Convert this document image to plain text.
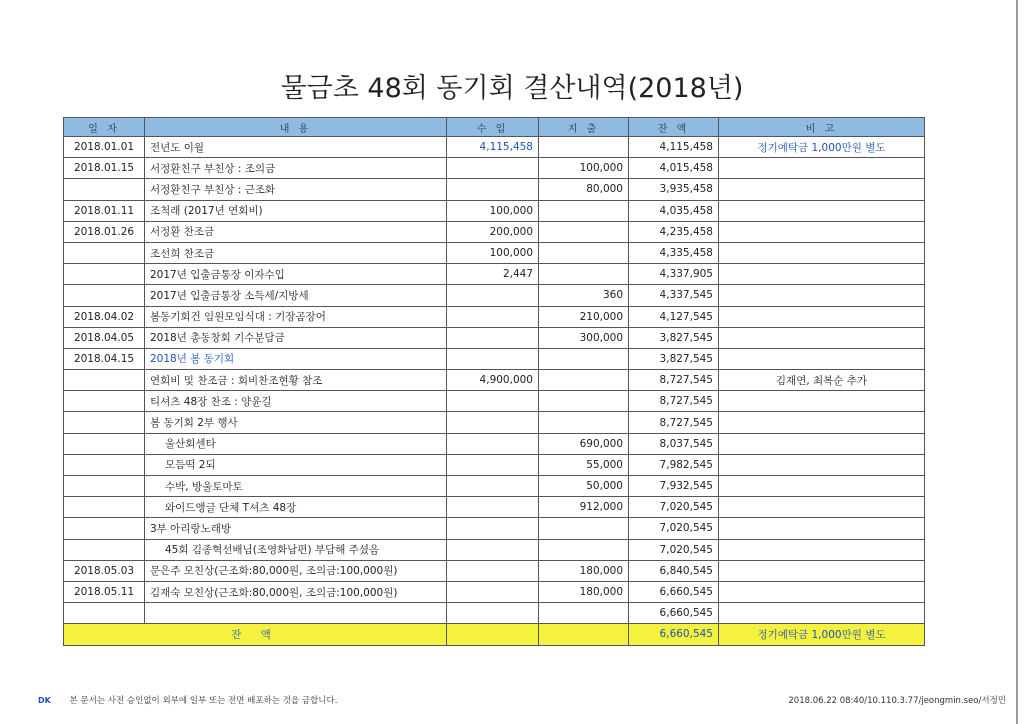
물금초 48회 동기회 결산내역(2018년)
일 자	내 용	수 입	지 출	잔 액	비 고
2018.01.01	전년도 이월	4,115,458		4,115,458	정기예탁금 1,000만원 별도
2018.01.15	서정환친구 부친상 : 조의금		100,000	4,015,458	
	서정환친구 부친상 : 근조화		80,000	3,935,458	
2018.01.11	조척래 (2017년 연회비)	100,000		4,035,458	
2018.01.26	서정환 찬조금	200,000		4,235,458	
	조선희 찬조금	100,000		4,335,458	
	2017년 입출금통장 이자수입	2,447		4,337,905	
	2017년 입출금통장 소득세/지방세		360	4,337,545	
2018.04.02	봄동기회건 임원모임식대 : 기장곰장어		210,000	4,127,545	
2018.04.05	2018년 총동창회 기수분담금		300,000	3,827,545	
2018.04.15	2018년 봄 동기회			3,827,545	
	연회비 및 찬조금 : 회비찬조현황 참조	4,900,000		8,727,545	김재연, 최복순 추가
	티셔츠 48장 찬조 : 양윤길			8,727,545	
	봄 동기회 2부 행사			8,727,545	
	울산회센타		690,000	8,037,545	
	모듬떡 2되		55,000	7,982,545	
	수박, 방울토마토		50,000	7,932,545	
	와이드앵글 단체 T셔츠 48장		912,000	7,020,545	
	3부 아리랑노래방			7,020,545	
	45회 김종혁선배님(조영화남편) 부담해 주셨음			7,020,545	
2018.05.03	문은주 모친상(근조화:80,000원, 조의금:100,000원)		180,000	6,840,545	
2018.05.11	김재숙 모친상(근조화:80,000원, 조의금:100,000원)		180,000	6,660,545	
				6,660,545	
잔 액				6,660,545	정기예탁금 1,000만원 별도
DK 본 문서는 사전 승인없이 외부에 일부 또는 전면 배포하는 것을 금합니다.	2018.06.22 08:40/10.110.3.77/jeongmin.seo/서정민
